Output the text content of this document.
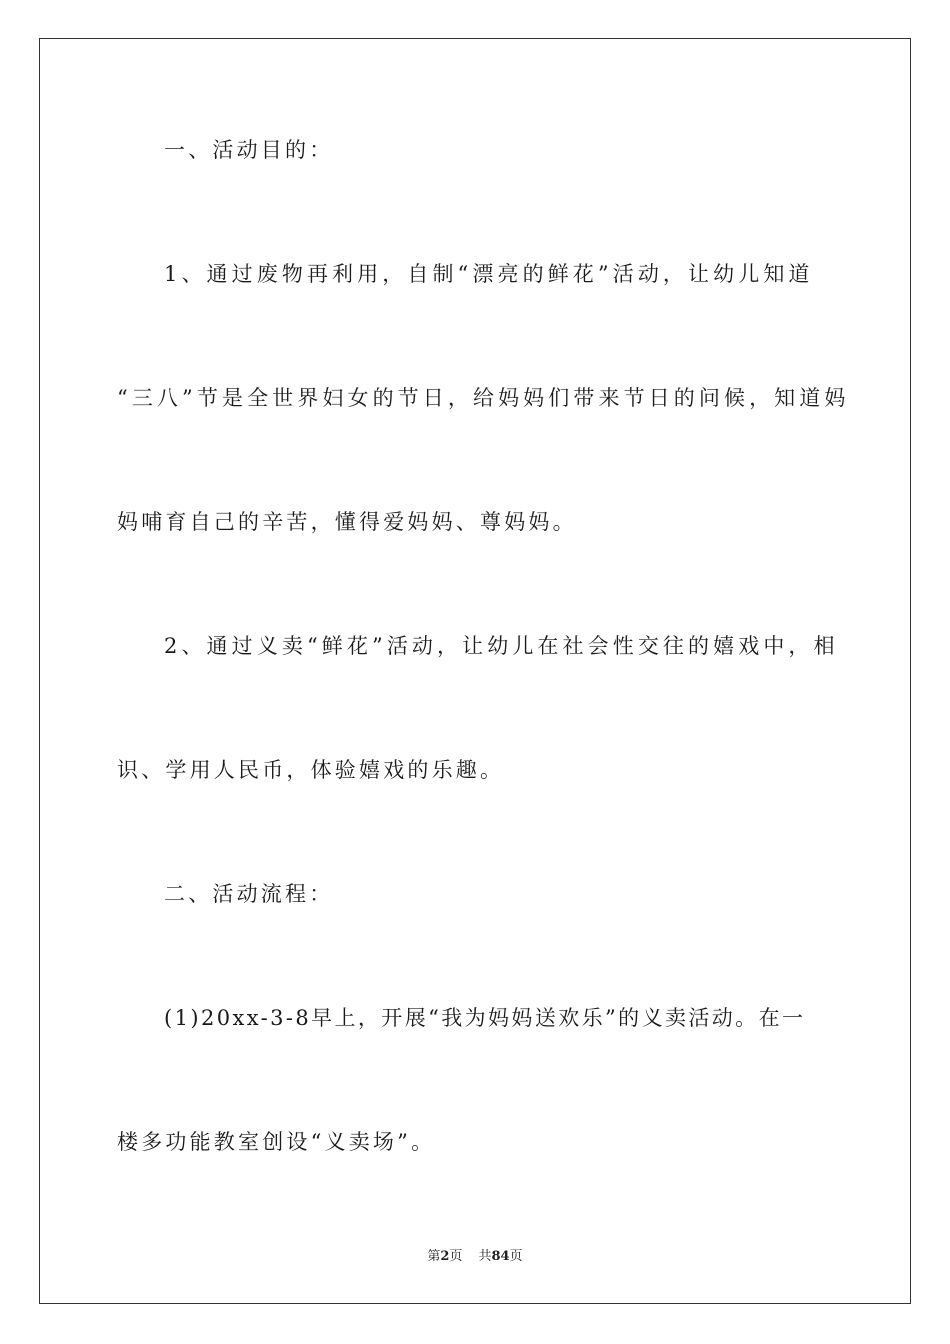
一、活动目的：
1、通过废物再利用，自制“漂亮的鲜花”活动，让幼儿知道
“三八”节是全世界妇女的节日，给妈妈们带来节日的问候，知道妈
妈哺育自己的辛苦，懂得爱妈妈、尊妈妈。
2、通过义卖“鲜花”活动，让幼儿在社会性交往的嬉戏中，相
识、学用人民币，体验嬉戏的乐趣。
二、活动流程：
(1)20xx-3-8早上，开展“我为妈妈送欢乐”的义卖活动。在一
楼多功能教室创设“义卖场”。
第2页 共84页
